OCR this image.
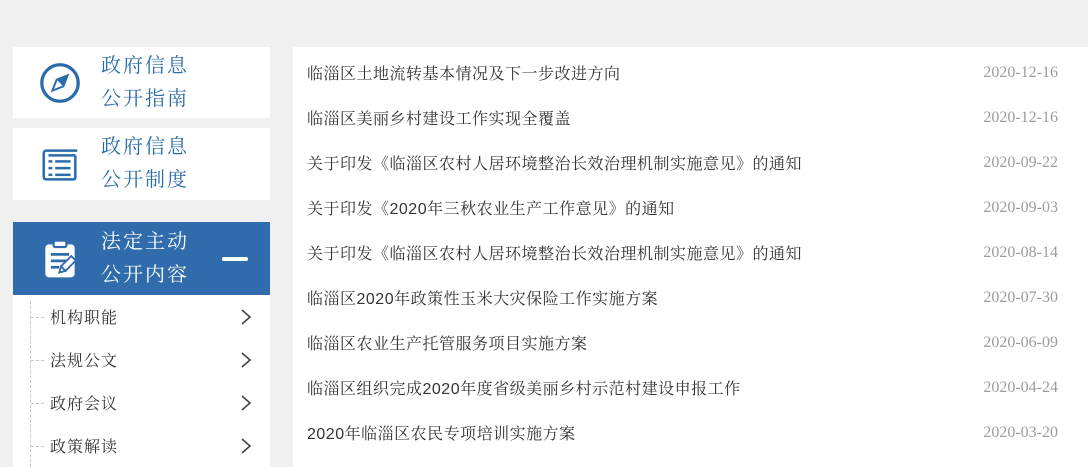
政府信息
公开指南
政府信息
公开制度
法定主动
公开内容
机构职能
法规公文
政府会议
政策解读
临淄区土地流转基本情况及下一步改进方向	2020-12-16
临淄区美丽乡村建设工作实现全覆盖	2020-12-16
关于印发《临淄区农村人居环境整治长效治理机制实施意见》的通知	2020-09-22
关于印发《2020年三秋农业生产工作意见》的通知	2020-09-03
关于印发《临淄区农村人居环境整治长效治理机制实施意见》的通知	2020-08-14
临淄区2020年政策性玉米大灾保险工作实施方案	2020-07-30
临淄区农业生产托管服务项目实施方案	2020-06-09
临淄区组织完成2020年度省级美丽乡村示范村建设申报工作	2020-04-24
2020年临淄区农民专项培训实施方案	2020-03-20
